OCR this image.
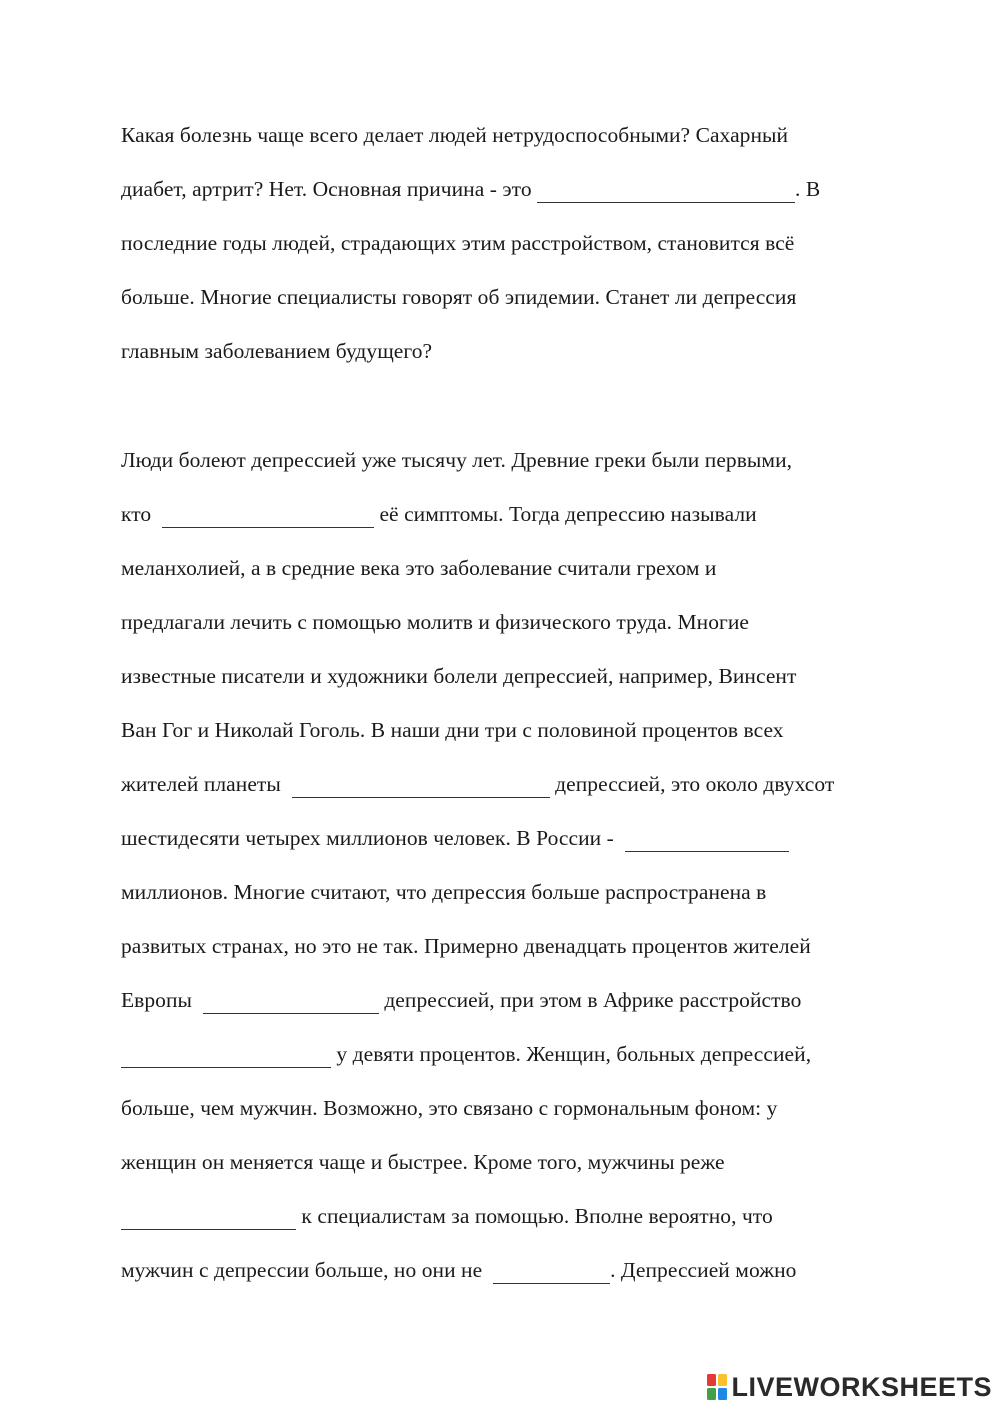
Какая болезнь чаще всего делает людей нетрудоспособными? Сахарный
диабет, артрит? Нет. Основная причина - это	. В
последние годы людей, страдающих этим расстройством, становится всё
больше. Многие специалисты говорят об эпидемии. Станет ли депрессия
главным заболеванием будущего?
Люди болеют депрессией уже тысячу лет. Древние греки были первыми,
кто	её симптомы. Тогда депрессию называли
меланхолией, а в средние века это заболевание считали грехом и
предлагали лечить с помощью молитв и физического труда. Многие
известные писатели и художники болели депрессией, например, Винсент
Ван Гог и Николай Гоголь. В наши дни три с половиной процентов всех
жителей планеты	депрессией, это около двухсот
шестидесяти четырех миллионов человек. В России -
миллионов. Многие считают, что депрессия больше распространена в
развитых странах, но это не так. Примерно двенадцать процентов жителей
Европы	депрессией, при этом в Африке расстройство
у девяти процентов. Женщин, больных депрессией,
больше, чем мужчин. Возможно, это связано с гормональным фоном: у
женщин он меняется чаще и быстрее. Кроме того, мужчины реже
к специалистам за помощью. Вполне вероятно, что
мужчин с депрессии больше, но они не	. Депрессией можно
LIVEWORKSHEETS
